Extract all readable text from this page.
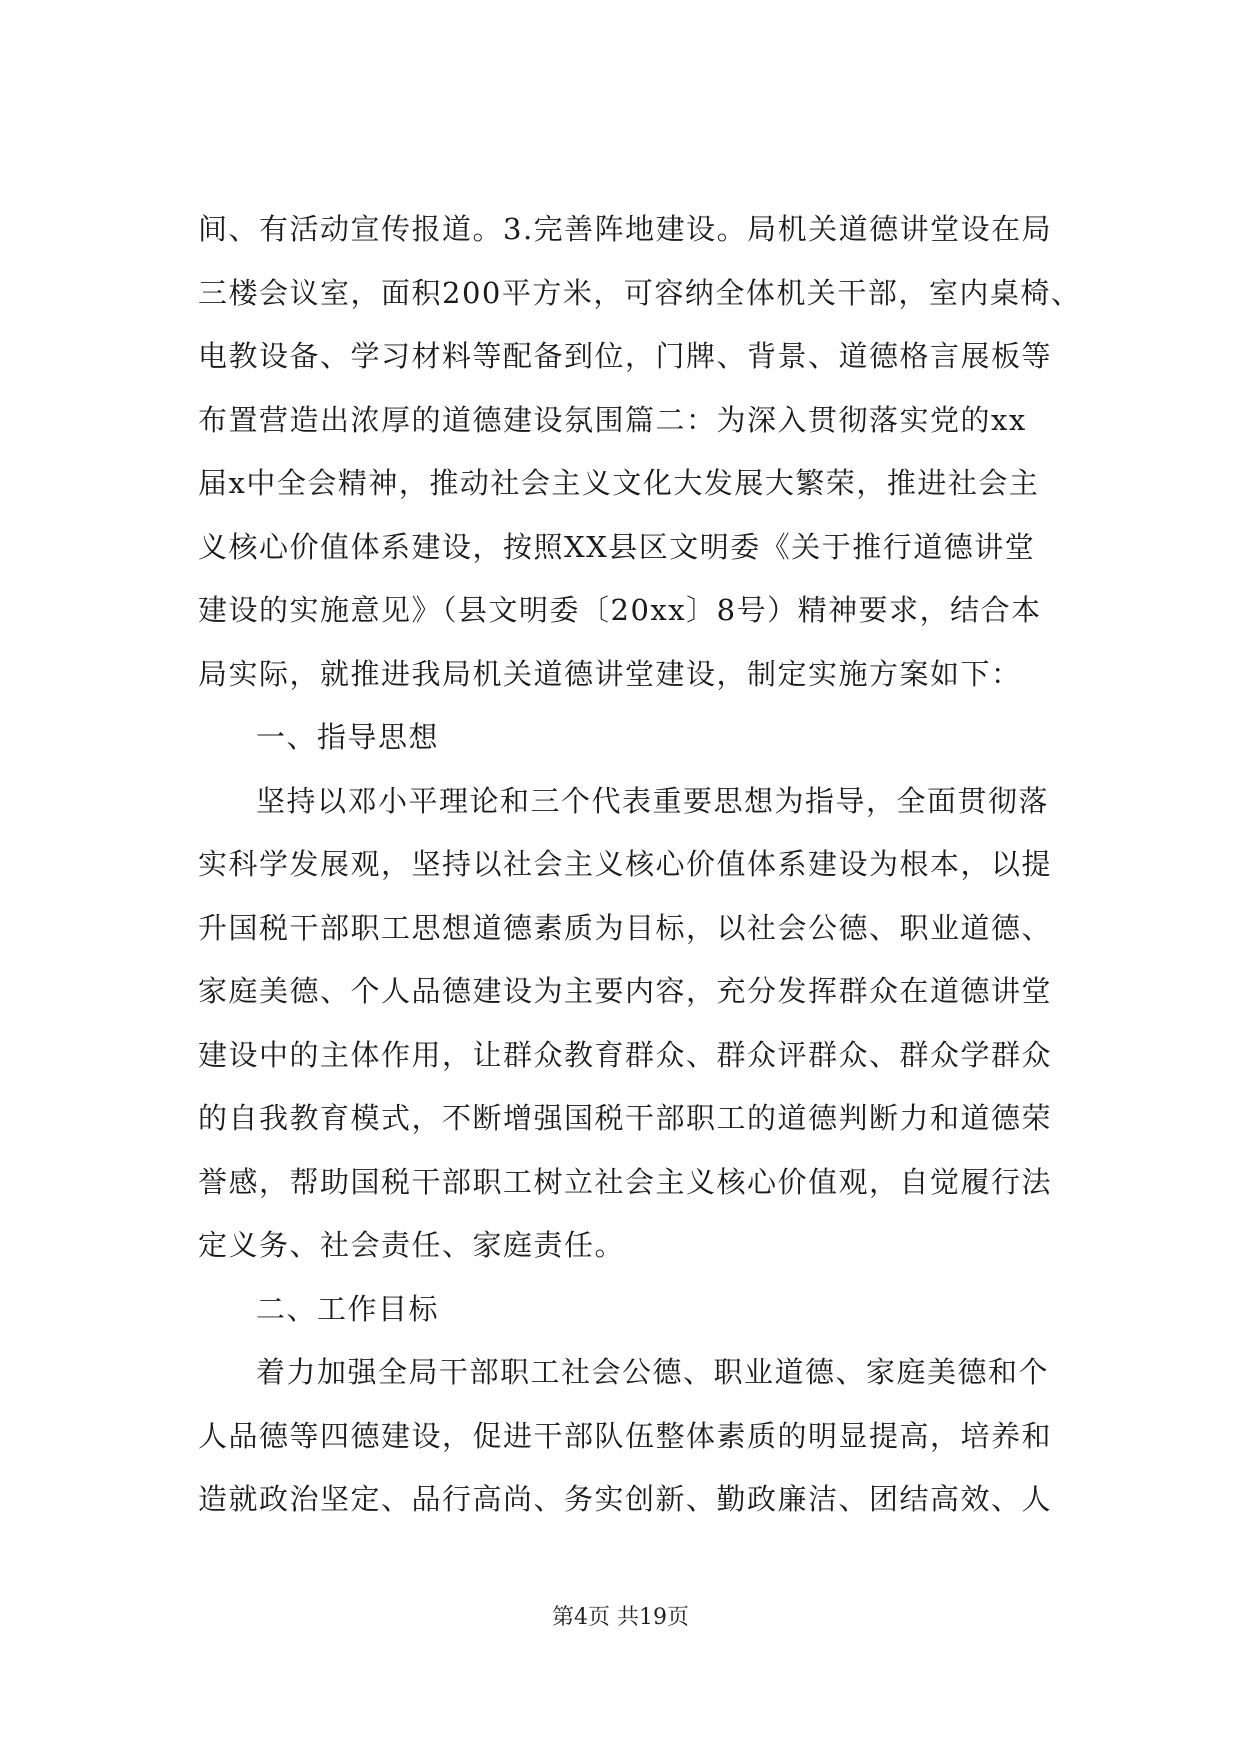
间、有活动宣传报道。3.完善阵地建设。局机关道德讲堂设在局
三楼会议室，面积200平方米，可容纳全体机关干部，室内桌椅、
电教设备、学习材料等配备到位，门牌、背景、道德格言展板等
布置营造出浓厚的道德建设氛围篇二：为深入贯彻落实党的xx
届x中全会精神，推动社会主义文化大发展大繁荣，推进社会主
义核心价值体系建设，按照XX县区文明委《关于推行道德讲堂
建设的实施意见》（县文明委〔20xx〕8号）精神要求，结合本
局实际，就推进我局机关道德讲堂建设，制定实施方案如下：
一、指导思想
坚持以邓小平理论和三个代表重要思想为指导，全面贯彻落
实科学发展观，坚持以社会主义核心价值体系建设为根本，以提
升国税干部职工思想道德素质为目标，以社会公德、职业道德、
家庭美德、个人品德建设为主要内容，充分发挥群众在道德讲堂
建设中的主体作用，让群众教育群众、群众评群众、群众学群众
的自我教育模式，不断增强国税干部职工的道德判断力和道德荣
誉感，帮助国税干部职工树立社会主义核心价值观，自觉履行法
定义务、社会责任、家庭责任。
二、工作目标
着力加强全局干部职工社会公德、职业道德、家庭美德和个
人品德等四德建设，促进干部队伍整体素质的明显提高，培养和
造就政治坚定、品行高尚、务实创新、勤政廉洁、团结高效、人
第4页 共19页
